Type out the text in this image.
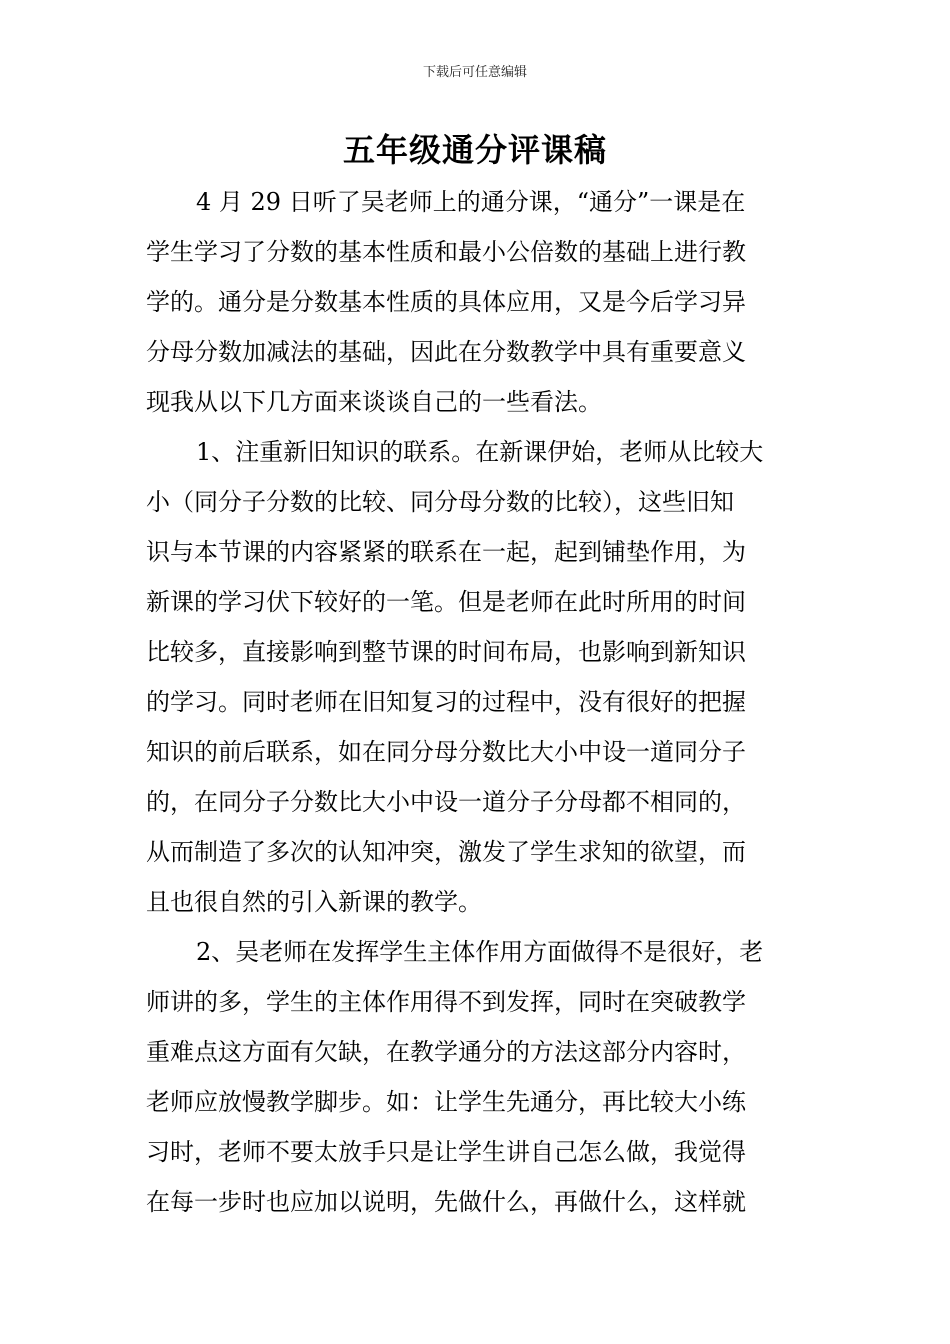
下载后可任意编辑
五年级通分评课稿
4 月 29 日听了吴老师上的通分课，“通分”一课是在
学生学习了分数的基本性质和最小公倍数的基础上进行教
学的。通分是分数基本性质的具体应用，又是今后学习异
分母分数加减法的基础，因此在分数教学中具有重要意义
现我从以下几方面来谈谈自己的一些看法。
1、注重新旧知识的联系。在新课伊始，老师从比较大
小（同分子分数的比较、同分母分数的比较），这些旧知
识与本节课的内容紧紧的联系在一起，起到铺垫作用，为
新课的学习伏下较好的一笔。但是老师在此时所用的时间
比较多，直接影响到整节课的时间布局，也影响到新知识
的学习。同时老师在旧知复习的过程中，没有很好的把握
知识的前后联系，如在同分母分数比大小中设一道同分子
的，在同分子分数比大小中设一道分子分母都不相同的，
从而制造了多次的认知冲突，激发了学生求知的欲望，而
且也很自然的引入新课的教学。
2、吴老师在发挥学生主体作用方面做得不是很好，老
师讲的多，学生的主体作用得不到发挥，同时在突破教学
重难点这方面有欠缺，在教学通分的方法这部分内容时，
老师应放慢教学脚步。如：让学生先通分，再比较大小练
习时，老师不要太放手只是让学生讲自己怎么做，我觉得
在每一步时也应加以说明，先做什么，再做什么，这样就
